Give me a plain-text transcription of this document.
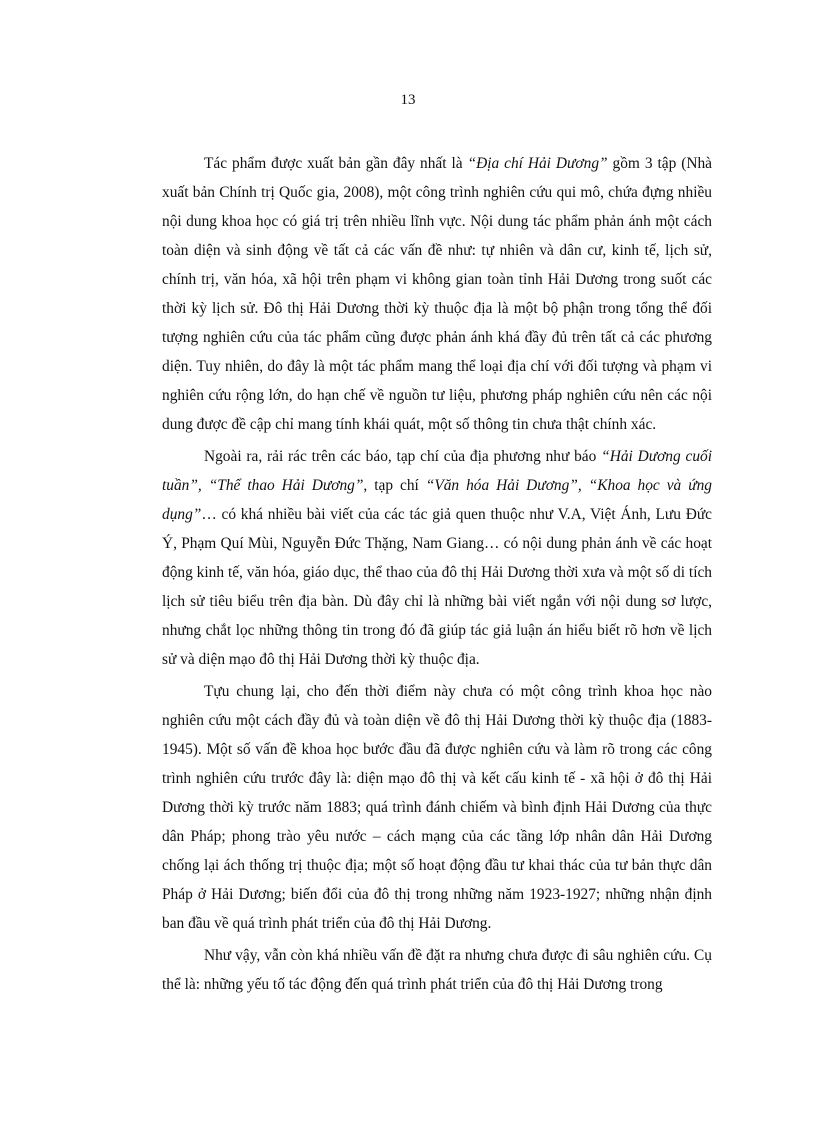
13

Tác phẩm được xuất bản gần đây nhất là “Địa chí Hải Dương” gồm 3 tập (Nhà xuất bản Chính trị Quốc gia, 2008), một công trình nghiên cứu qui mô, chứa đựng nhiều nội dung khoa học có giá trị trên nhiều lĩnh vực. Nội dung tác phẩm phản ánh một cách toàn diện và sinh động về tất cả các vấn đề như: tự nhiên và dân cư, kinh tế, lịch sử, chính trị, văn hóa, xã hội trên phạm vi không gian toàn tỉnh Hải Dương trong suốt các thời kỳ lịch sử. Đô thị Hải Dương thời kỳ thuộc địa là một bộ phận trong tổng thể đối tượng nghiên cứu của tác phẩm cũng được phản ánh khá đầy đủ trên tất cả các phương diện. Tuy nhiên, do đây là một tác phẩm mang thể loại địa chí với đối tượng và phạm vi nghiên cứu rộng lớn, do hạn chế về nguồn tư liệu, phương pháp nghiên cứu nên các nội dung được đề cập chỉ mang tính khái quát, một số thông tin chưa thật chính xác.

Ngoài ra, rải rác trên các báo, tạp chí của địa phương như báo “Hải Dương cuối tuần”, “Thể thao Hải Dương”, tạp chí “Văn hóa Hải Dương”, “Khoa học và ứng dụng”… có khá nhiều bài viết của các tác giả quen thuộc như V.A, Việt Ánh, Lưu Đức Ý, Phạm Quí Mùi, Nguyễn Đức Thặng, Nam Giang… có nội dung phản ánh về các hoạt động kinh tế, văn hóa, giáo dục, thể thao của đô thị Hải Dương thời xưa và một số di tích lịch sử tiêu biểu trên địa bàn. Dù đây chỉ là những bài viết ngắn với nội dung sơ lược, nhưng chắt lọc những thông tin trong đó đã giúp tác giả luận án hiểu biết rõ hơn về lịch sử và diện mạo đô thị Hải Dương thời kỳ thuộc địa.

Tựu chung lại, cho đến thời điểm này chưa có một công trình khoa học nào nghiên cứu một cách đầy đủ và toàn diện về đô thị Hải Dương thời kỳ thuộc địa (1883-1945). Một số vấn đề khoa học bước đầu đã được nghiên cứu và làm rõ trong các công trình nghiên cứu trước đây là: diện mạo đô thị và kết cấu kinh tế - xã hội ở đô thị Hải Dương thời kỳ trước năm 1883; quá trình đánh chiếm và bình định Hải Dương của thực dân Pháp; phong trào yêu nước – cách mạng của các tầng lớp nhân dân Hải Dương chống lại ách thống trị thuộc địa; một số hoạt động đầu tư khai thác của tư bản thực dân Pháp ở Hải Dương; biến đổi của đô thị trong những năm 1923-1927; những nhận định ban đầu về quá trình phát triển của đô thị Hải Dương.

Như vậy, vẫn còn khá nhiều vấn đề đặt ra nhưng chưa được đi sâu nghiên cứu. Cụ thể là: những yếu tố tác động đến quá trình phát triển của đô thị Hải Dương trong
